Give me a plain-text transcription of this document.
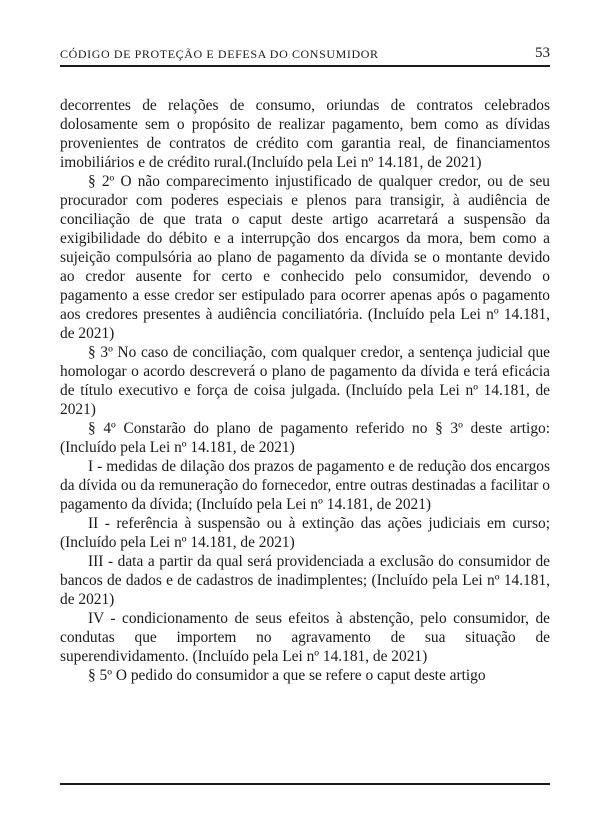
CÓDIGO DE PROTEÇÃO E DEFESA DO CONSUMIDOR	53

decorrentes de relações de consumo, oriundas de contratos celebrados dolosamente sem o propósito de realizar pagamento, bem como as dívidas provenientes de contratos de crédito com garantia real, de financiamentos imobiliários e de crédito rural.(Incluído pela Lei nº 14.181, de 2021)

§ 2º O não comparecimento injustificado de qualquer credor, ou de seu procurador com poderes especiais e plenos para transigir, à audiência de conciliação de que trata o caput deste artigo acarretará a suspensão da exigibilidade do débito e a interrupção dos encargos da mora, bem como a sujeição compulsória ao plano de pagamento da dívida se o montante devido ao credor ausente for certo e conhecido pelo consumidor, devendo o pagamento a esse credor ser estipulado para ocorrer apenas após o pagamento aos credores presentes à audiência conciliatória. (Incluído pela Lei nº 14.181, de 2021)

§ 3º No caso de conciliação, com qualquer credor, a sentença judicial que homologar o acordo descreverá o plano de pagamento da dívida e terá eficácia de título executivo e força de coisa julgada. (Incluído pela Lei nº 14.181, de 2021)

§ 4º Constarão do plano de pagamento referido no § 3º deste artigo: (Incluído pela Lei nº 14.181, de 2021)

I - medidas de dilação dos prazos de pagamento e de redução dos encargos da dívida ou da remuneração do fornecedor, entre outras destinadas a facilitar o pagamento da dívida; (Incluído pela Lei nº 14.181, de 2021)

II - referência à suspensão ou à extinção das ações judiciais em curso; (Incluído pela Lei nº 14.181, de 2021)

III - data a partir da qual será providenciada a exclusão do consumidor de bancos de dados e de cadastros de inadimplentes; (Incluído pela Lei nº 14.181, de 2021)

IV - condicionamento de seus efeitos à abstenção, pelo consumidor, de condutas que importem no agravamento de sua situação de superendividamento. (Incluído pela Lei nº 14.181, de 2021)

§ 5º O pedido do consumidor a que se refere o caput deste artigo
